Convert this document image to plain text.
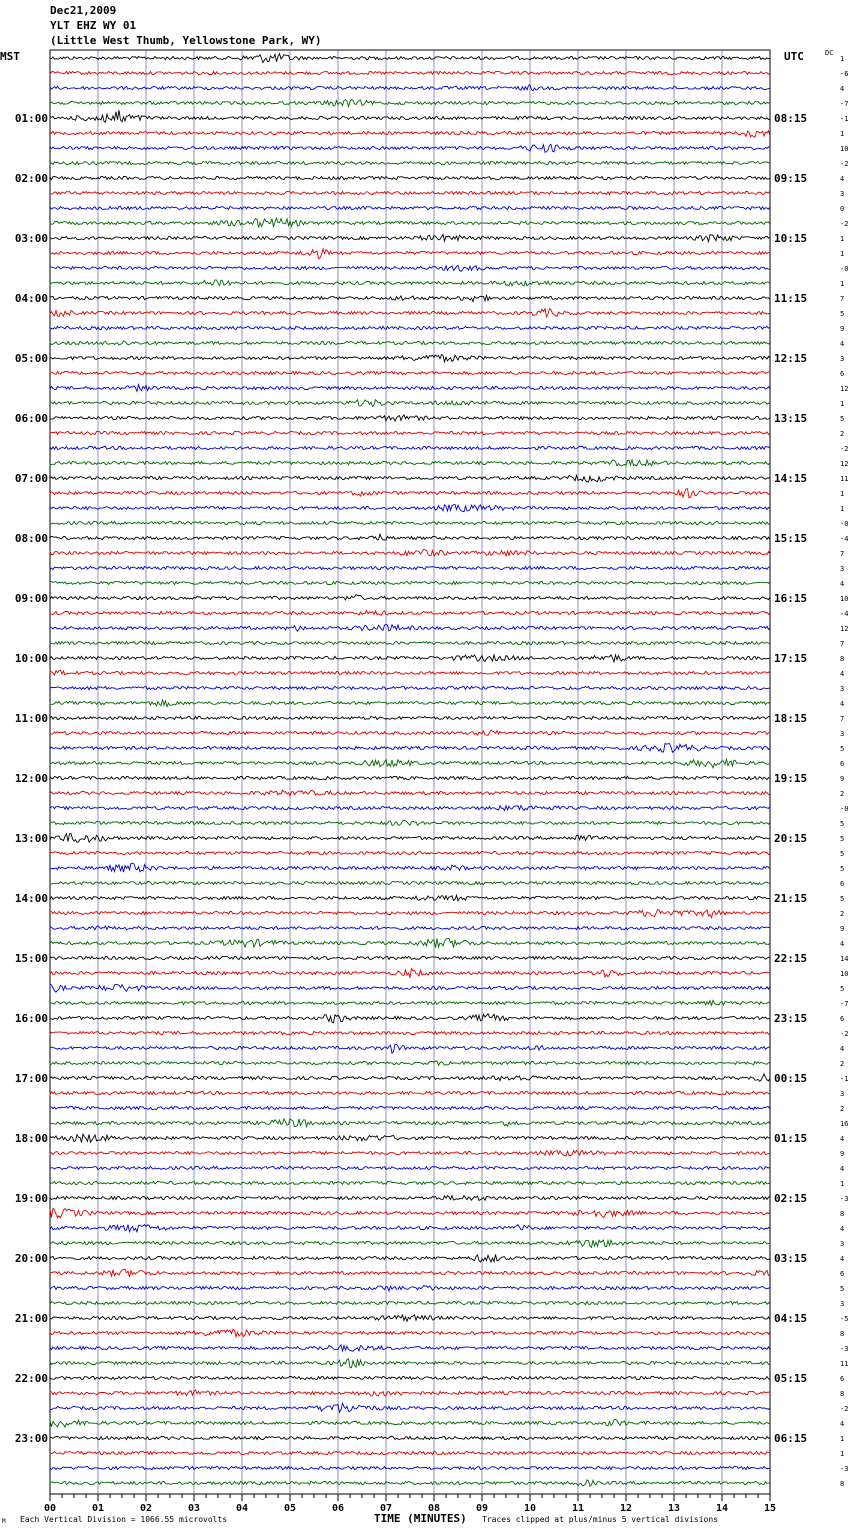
Dec21,2009
YLT EHZ WY 01
(Little West Thumb, Yellowstone Park, WY)
MST	UTC	DC
00	01	02	03	04	05	06	07	08	09	10	11	12	13	14	15
1
-6
4
-7
-1
1
10
-2
4
3
0
-2
1
1
-0
1
7
5
9
4
3
6
12
1
5
2
-2
12
11
1
1
-0
-4
7
3
4
10
-4
12
7
8
4
3
4
7
3
5
6
9
2
-0
5
5
5
5
6
5
2
9
4
14
10
5
-7
6
-2
4
2
-1
3
2
16
4
9
4
1
-3
8
4
3
4
6
5
3
-5
8
-3
11
6
8
-2
4
1
1
-3
8
01:00
02:00
03:00
04:00
05:00
06:00
07:00
08:00
09:00
10:00
11:00
12:00
13:00
14:00
15:00
16:00
17:00
18:00
19:00
20:00
21:00
22:00
23:00
08:15
09:15
10:15
11:15
12:15
13:15
14:15
15:15
16:15
17:15
18:15
19:15
20:15
21:15
22:15
23:15
00:15
01:15
02:15
03:15
04:15
05:15
06:15
M Each Vertical Division = 1066.55 microvolts	TIME (MINUTES) Traces clipped at plus/minus 5 vertical divisions
